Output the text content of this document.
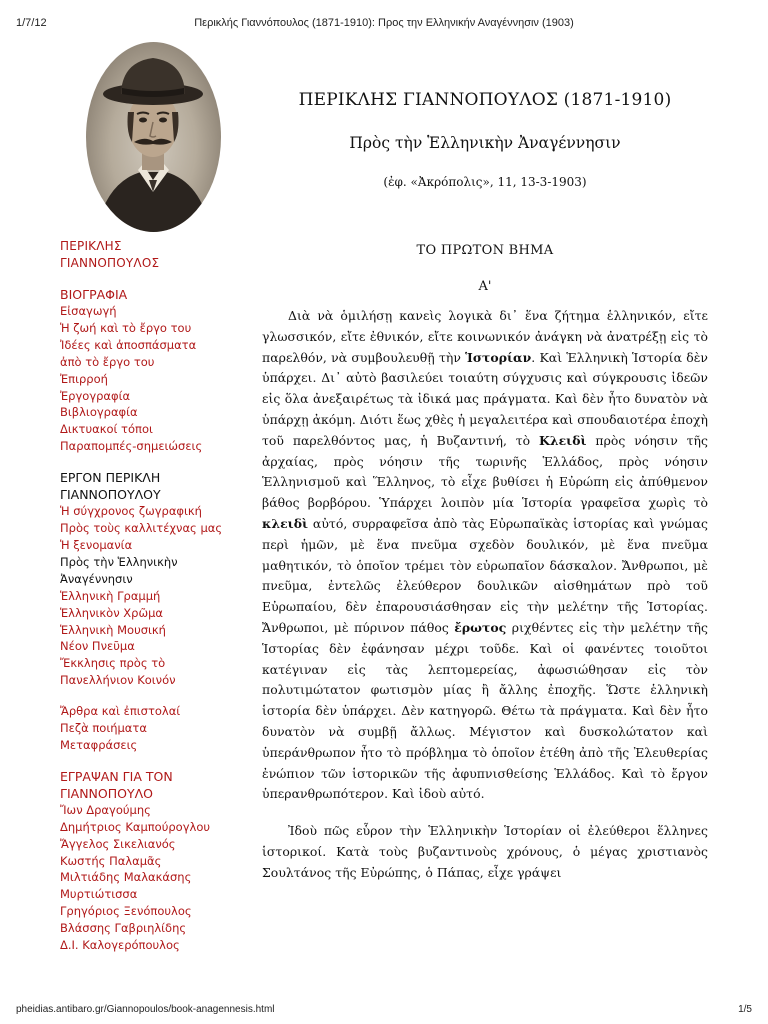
1/7/12	Περικλής Γιαννόπουλος (1871-1910): Προς την Ελληνικήν Αναγέννησιν (1903)
ΠΕΡΙΚΛΗΣ
ΓΙΑΝΝΟΠΟΥΛΟΣ
ΒΙΟΓΡΑΦΙΑ
Εἰσαγωγή
Ἡ ζωή καὶ τὸ ἔργο του
Ἰδέες καὶ ἀποσπάσματα
ἀπὸ τὸ ἔργο του
Ἐπιρροή
Ἐργογραφία
Βιβλιογραφία
Δικτυακοί τόποι
Παραπομπές-σημειώσεις
ΕΡΓΟΝ ΠΕΡΙΚΛΗ
ΓΙΑΝΝΟΠΟΥΛΟΥ
Ἡ σύγχρονος ζωγραφική
Πρὸς τοὺς καλλιτέχνας μας
Ἡ ξενομανία
Πρὸς τὴν Ἑλληνικὴν
Ἀναγέννησιν
Ἑλληνικὴ Γραμμή
Ἑλληνικὸν Χρῶμα
Ἑλληνικὴ Μουσική
Νέον Πνεῦμα
Ἔκκλησις πρὸς τὸ
Πανελλήνιον Κοινόν
Ἄρθρα καὶ ἐπιστολαί
Πεζὰ ποιήματα
Μεταφράσεις
ΕΓΡΑΨΑΝ ΓΙΑ ΤΟΝ
ΓΙΑΝΝΟΠΟΥΛΟ
Ἴων Δραγούμης
Δημήτριος Καμπούρογλου
Ἄγγελος Σικελιανός
Κωστής Παλαμᾶς
Μιλτιάδης Μαλακάσης
Μυρτιώτισσα
Γρηγόριος Ξενόπουλος
Βλάσσης Γαβριηλίδης
Δ.Ι. Καλογερόπουλος
ΠΕΡΙΚΛΗΣ ΓΙΑΝΝΟΠΟΥΛΟΣ (1871-1910)
Πρὸς τὴν Ἑλληνικὴν Ἀναγέννησιν
(ἐφ. «Ἀκρόπολις», 11, 13-3-1903)
ΤΟ ΠΡΩΤΟΝ ΒΗΜΑ
Α'

Διὰ νὰ ὁμιλήσῃ κανεὶς λογικὰ δι᾿ ἕνα ζήτημα ἑλληνικόν, εἴτε γλωσσικόν, εἴτε ἐθνικόν, εἴτε κοινωνικόν ἀνάγκη νὰ ἀνατρέξῃ εἰς τὸ παρελθόν, νὰ συμβουλευθῇ τὴν Ἱστορίαν. Καὶ Ἑλληνικὴ Ἱστορία δὲν ὑπάρχει. Δι᾿ αὐτὸ βασιλεύει τοιαύτη σύγχυσις καὶ σύγκρουσις ἰδεῶν εἰς ὅλα ἀνεξαιρέτως τὰ ἰδικά μας πράγματα. Καὶ δὲν ἦτο δυνατὸν νὰ ὑπάρχῃ ἀκόμη. Διότι ἕως χθὲς ἡ μεγαλειτέρα καὶ σπουδαιοτέρα ἐποχὴ τοῦ παρελθόντος μας, ἡ Βυζαντινή, τὸ Κλειδὶ πρὸς νόησιν τῆς ἀρχαίας, πρὸς νόησιν τῆς τωρινῆς Ἑλλάδος, πρὸς νόησιν Ἑλληνισμοῦ καὶ Ἕλληνος, τὸ εἶχε βυθίσει ἡ Εὐρώπη εἰς ἀπύθμενον βάθος βορβόρου. Ὑπάρχει λοιπὸν μία Ἱστορία γραφεῖσα χωρὶς τὸ κλειδὶ αὐτό, συρραφεῖσα ἀπὸ τὰς Εὐρωπαϊκὰς ἱστορίας καὶ γνώμας περὶ ἡμῶν, μὲ ἕνα πνεῦμα σχεδὸν δουλικόν, μὲ ἕνα πνεῦμα μαθητικόν, τὸ ὁποῖον τρέμει τὸν εὐρωπαῖον δάσκαλον. Ἄνθρωποι, μὲ πνεῦμα, ἐντελῶς ἐλεύθερον δουλικῶν αἰσθημάτων πρὸ τοῦ Εὐρωπαίου, δὲν ἐπαρουσιάσθησαν εἰς τὴν μελέτην τῆς Ἱστορίας. Ἄνθρωποι, μὲ πύρινον πάθος ἔρωτος ριχθέντες εἰς τὴν μελέτην τῆς Ἱστορίας δὲν ἐφάνησαν μέχρι τοῦδε. Καὶ οἱ φανέντες τοιοῦτοι κατέγιναν εἰς τὰς λεπτομερείας, ἀφωσιώθησαν εἰς τὸν πολυτιμώτατον φωτισμὸν μίας ἢ ἄλλης ἐποχῆς. Ὥστε ἑλληνικὴ ἱστορία δὲν ὑπάρχει. Δὲν κατηγορῶ. Θέτω τὰ πράγματα. Καὶ δὲν ἦτο δυνατὸν νὰ συμβῇ ἄλλως. Μέγιστον καὶ δυσκολώτατον καὶ ὑπεράνθρωπον ἦτο τὸ πρόβλημα τὸ ὁποῖον ἐτέθη ἀπὸ τῆς Ἐλευθερίας ἐνώπιον τῶν ἱστορικῶν τῆς ἀφυπνισθείσης Ἑλλάδος. Καὶ τὸ ἔργον ὑπερανθρωπότερον. Καὶ ἰδοὺ αὐτό.

Ἰδοὺ πῶς εὗρον τὴν Ἑλληνικὴν Ἱστορίαν οἱ ἐλεύθεροι ἕλληνες ἱστορικοί. Κατὰ τοὺς βυζαντινοὺς χρόνους, ὁ μέγας χριστιανὸς Σουλτάνος τῆς Εὐρώπης, ὁ Πάπας, εἶχε γράψει

pheidias.antibaro.gr/Giannopoulos/book-anagennesis.html	1/5
